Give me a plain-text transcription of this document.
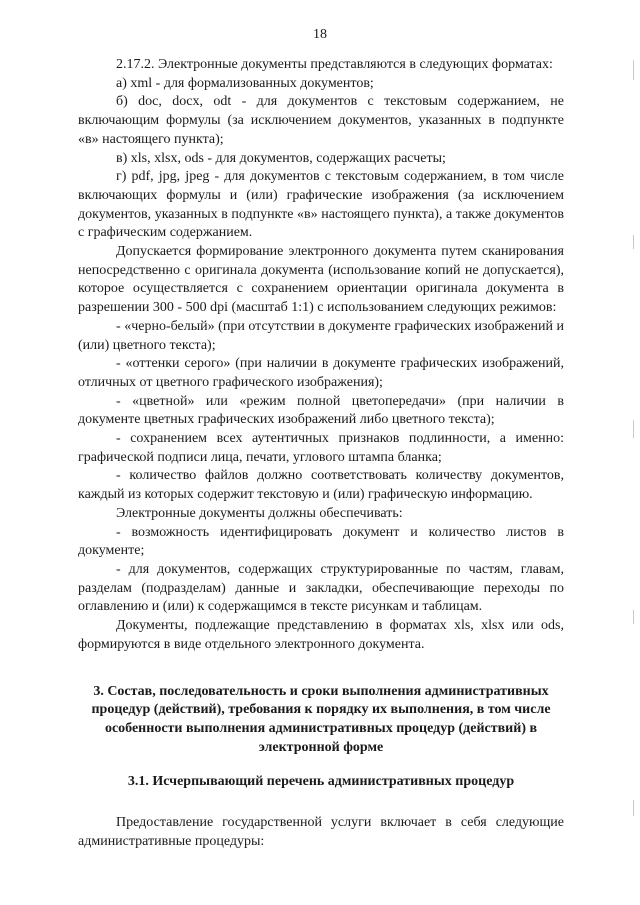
18

2.17.2. Электронные документы представляются в следующих форматах:

а) xml - для формализованных документов;

б) doc, docx, odt - для документов с текстовым содержанием, не включающим формулы (за исключением документов, указанных в подпункте «в» настоящего пункта);

в) xls, xlsx, ods - для документов, содержащих расчеты;

г) pdf, jpg, jpeg - для документов с текстовым содержанием, в том числе включающих формулы и (или) графические изображения (за исключением документов, указанных в подпункте «в» настоящего пункта), а также документов с графическим содержанием.

Допускается формирование электронного документа путем сканирования непосредственно с оригинала документа (использование копий не допускается), которое осуществляется с сохранением ориентации оригинала документа в разрешении 300 - 500 dpi (масштаб 1:1) с использованием следующих режимов:

- «черно-белый» (при отсутствии в документе графических изображений и (или) цветного текста);

- «оттенки серого» (при наличии в документе графических изображений, отличных от цветного графического изображения);

- «цветной» или «режим полной цветопередачи» (при наличии в документе цветных графических изображений либо цветного текста);

- сохранением всех аутентичных признаков подлинности, а именно: графической подписи лица, печати, углового штампа бланка;

- количество файлов должно соответствовать количеству документов, каждый из которых содержит текстовую и (или) графическую информацию.

Электронные документы должны обеспечивать:

- возможность идентифицировать документ и количество листов в документе;

- для документов, содержащих структурированные по частям, главам, разделам (подразделам) данные и закладки, обеспечивающие переходы по оглавлению и (или) к содержащимся в тексте рисункам и таблицам.

Документы, подлежащие представлению в форматах xls, xlsx или ods, формируются в виде отдельного электронного документа.

3. Состав, последовательность и сроки выполнения административных процедур (действий), требования к порядку их выполнения, в том числе особенности выполнения административных процедур (действий) в электронной форме
3.1. Исчерпывающий перечень административных процедур

Предоставление государственной услуги включает в себя следующие административные процедуры:
